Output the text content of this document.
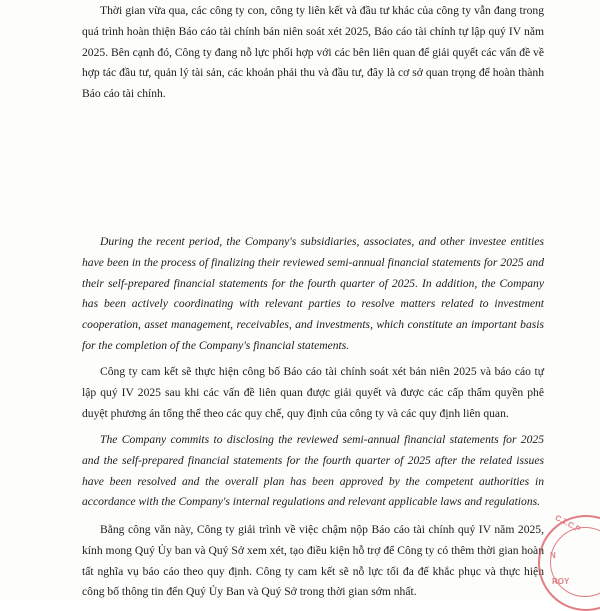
Thời gian vừa qua, các công ty con, công ty liên kết và đầu tư khác của công ty vẫn đang trong quá trình hoàn thiện Báo cáo tài chính bán niên soát xét 2025, Báo cáo tài chính tự lập quý IV năm 2025. Bên cạnh đó, Công ty đang nỗ lực phối hợp với các bên liên quan để giải quyết các vấn đề về hợp tác đầu tư, quản lý tài sản, các khoản phải thu và đầu tư, đây là cơ sở quan trọng để hoàn thành Báo cáo tài chính.

During the recent period, the Company's subsidiaries, associates, and other investee entities have been in the process of finalizing their reviewed semi-annual financial statements for 2025 and their self-prepared financial statements for the fourth quarter of 2025. In addition, the Company has been actively coordinating with relevant parties to resolve matters related to investment cooperation, asset management, receivables, and investments, which constitute an important basis for the completion of the Company's financial statements.

Công ty cam kết sẽ thực hiện công bố Báo cáo tài chính soát xét bán niên 2025 và báo cáo tự lập quý IV 2025 sau khi các vấn đề liên quan được giải quyết và được các cấp thẩm quyền phê duyệt phương án tổng thể theo các quy chế, quy định của công ty và các quy định liên quan.

The Company commits to disclosing the reviewed semi-annual financial statements for 2025 and the self-prepared financial statements for the fourth quarter of 2025 after the related issues have been resolved and the overall plan has been approved by the competent authorities in accordance with the Company's internal regulations and relevant applicable laws and regulations.

Bằng công văn này, Công ty giải trình về việc chậm nộp Báo cáo tài chính quý IV năm 2025, kính mong Quý Ủy ban và Quý Sở xem xét, tạo điều kiện hỗ trợ để Công ty có thêm thời gian hoàn tất nghĩa vụ báo cáo theo quy định. Công ty cam kết sẽ nỗ lực tối đa để khắc phục và thực hiện công bố thông tin đến Quý Ủy Ban và Quý Sở trong thời gian sớm nhất.

C.T.C.P
N
ROY
